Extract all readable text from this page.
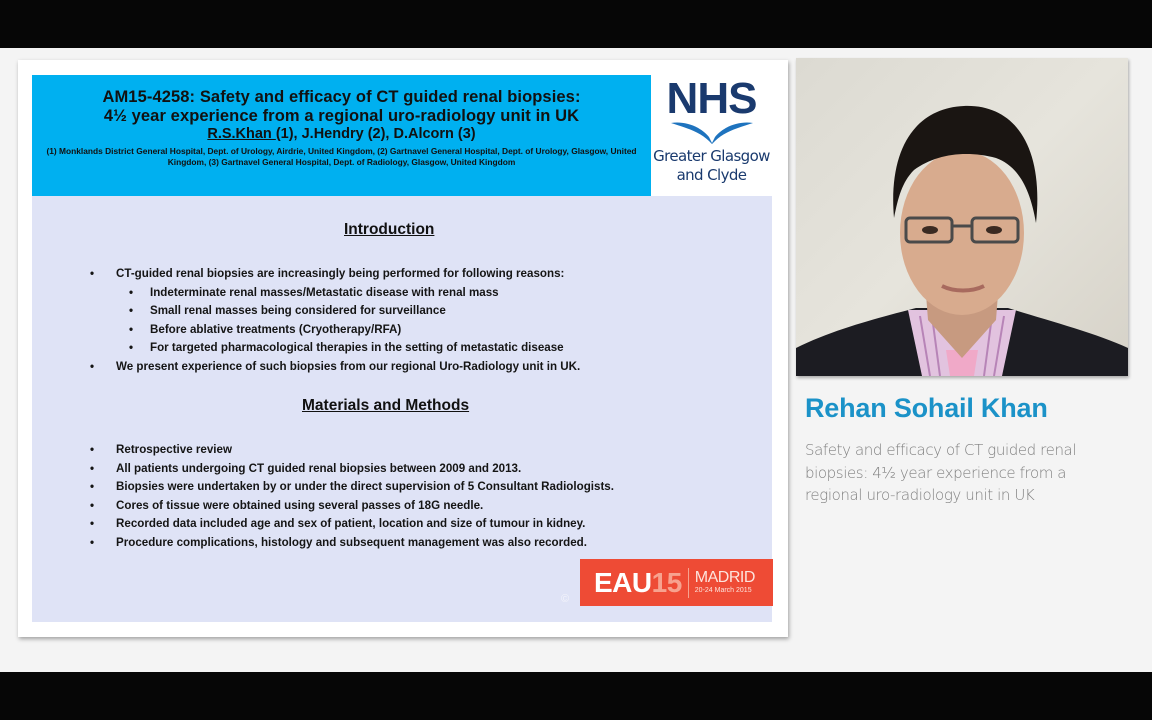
AM15-4258: Safety and efficacy of CT guided renal biopsies:
4½ year experience from a regional uro-radiology unit in UK
R.S.Khan (1), J.Hendry (2), D.Alcorn (3)
(1) Monklands District General Hospital, Dept. of Urology, Airdrie, United Kingdom, (2) Gartnavel General Hospital, Dept. of Urology, Glasgow, United Kingdom, (3) Gartnavel General Hospital, Dept. of Radiology, Glasgow, United Kingdom
NHS
Greater Glasgow
and Clyde
Introduction
• CT-guided renal biopsies are increasingly being performed for following reasons:
• Indeterminate renal masses/Metastatic disease with renal mass
• Small renal masses being considered for surveillance
• Before ablative treatments (Cryotherapy/RFA)
• For targeted pharmacological therapies in the setting of metastatic disease
• We present experience of such biopsies from our regional Uro-Radiology unit in UK.
Materials and Methods
• Retrospective review
• All patients undergoing CT guided renal biopsies between 2009 and 2013.
• Biopsies were undertaken by or under the direct supervision of 5 Consultant Radiologists.
• Cores of tissue were obtained using several passes of 18G needle.
• Recorded data included age and sex of patient, location and size of tumour in kidney.
• Procedure complications, histology and subsequent management was also recorded.
©
EAU 15 MADRID
20-24 March 2015
Rehan Sohail Khan
Safety and efficacy of CT guided renal biopsies: 4½ year experience from a regional uro-radiology unit in UK
